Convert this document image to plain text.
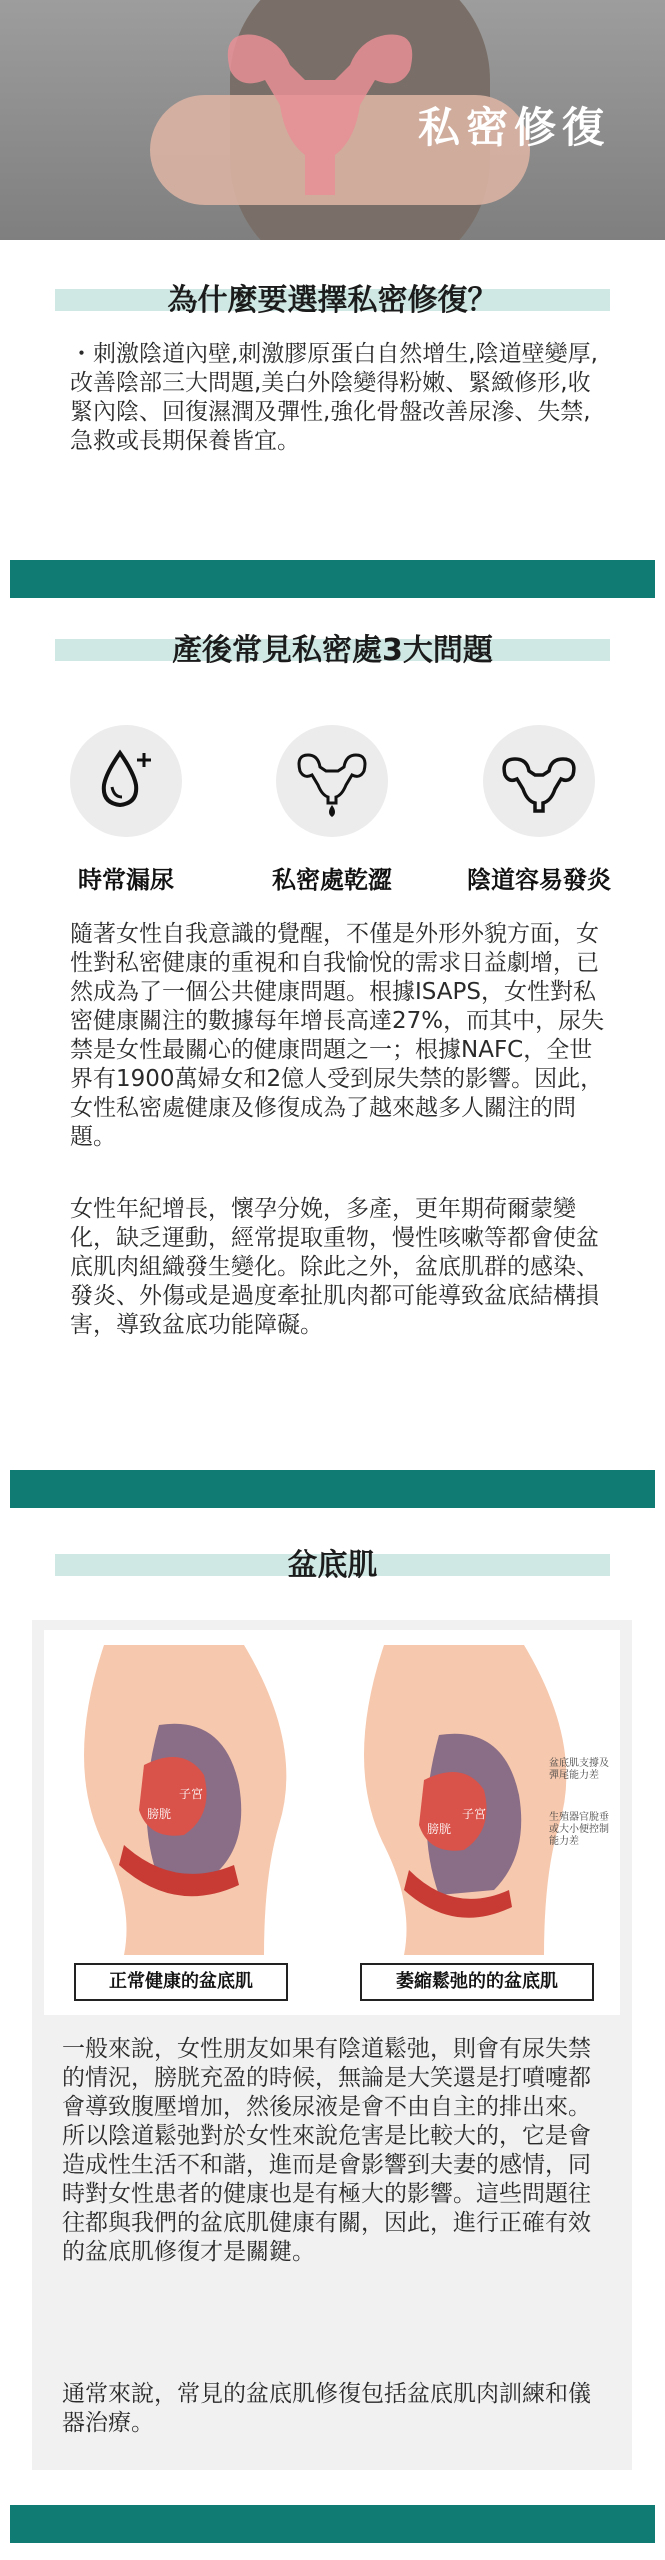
私密修復
為什麼要選擇私密修復？
・刺激陰道內壁,刺激膠原蛋白自然增生,陰道壁變厚,改善陰部三大問題,美白外陰變得粉嫩、緊緻修形,收緊內陰、回復濕潤及彈性,強化骨盤改善尿滲、失禁,急救或長期保養皆宜。
產後常見私密處3大問題
時常漏尿	私密處乾澀	陰道容易發炎
隨著女性自我意識的覺醒，不僅是外形外貌方面，女性對私密健康的重視和自我愉悅的需求日益劇增，已然成為了一個公共健康問題。根據ISAPS，女性對私密健康關注的數據每年增長高達27%，而其中，尿失禁是女性最關心的健康問題之一；根據NAFC，全世界有1900萬婦女和2億人受到尿失禁的影響。因此，女性私密處健康及修復成為了越來越多人關注的問題。
女性年紀增長，懷孕分娩，多產，更年期荷爾蒙變化，缺乏運動，經常提取重物，慢性咳嗽等都會使盆底肌肉組織發生變化。除此之外，盆底肌群的感染、發炎、外傷或是過度牽扯肌肉都可能導致盆底結構損害，導致盆底功能障礙。
盆底肌
子宮
膀胱	子宮
膀胱
盆底肌支撐及彈尾能力差
生殖器官脫垂或大小便控制能力差
正常健康的盆底肌	萎縮鬆弛的的盆底肌
一般來說，女性朋友如果有陰道鬆弛，則會有尿失禁的情況，膀胱充盈的時候，無論是大笑還是打噴嚏都會導致腹壓增加，然後尿液是會不由自主的排出來。所以陰道鬆弛對於女性來說危害是比較大的，它是會造成性生活不和諧，進而是會影響到夫妻的感情，同時對女性患者的健康也是有極大的影響。這些問題往往都與我們的盆底肌健康有關，因此，進行正確有效的盆底肌修復才是關鍵。
通常來說，常見的盆底肌修復包括盆底肌肉訓練和儀器治療。
